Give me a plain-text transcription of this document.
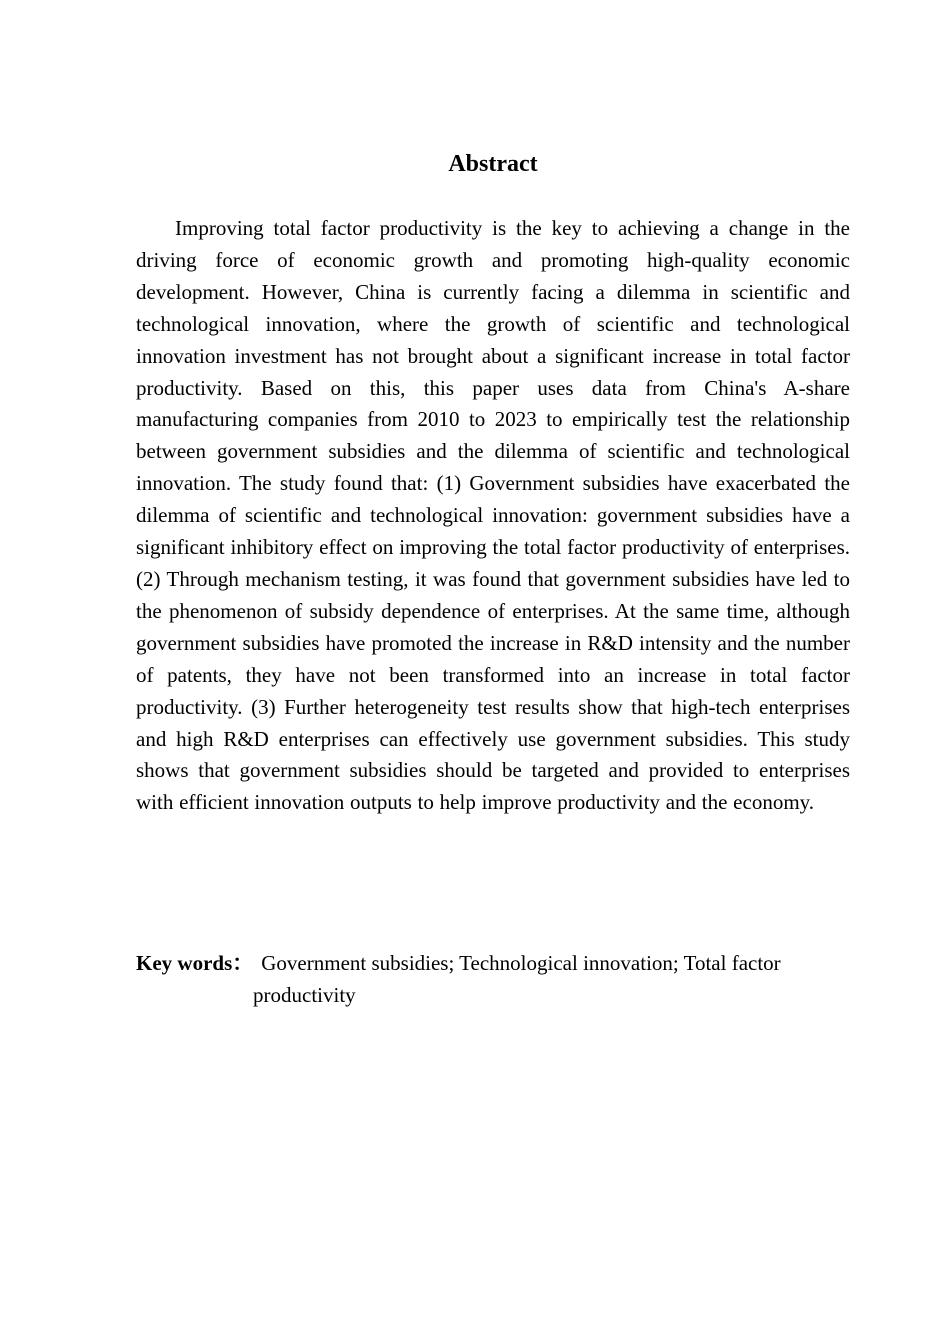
Abstract

Improving total factor productivity is the key to achieving a change in the driving force of economic growth and promoting high-quality economic development. However, China is currently facing a dilemma in scientific and technological innovation, where the growth of scientific and technological innovation investment has not brought about a significant increase in total factor productivity. Based on this, this paper uses data from China's A-share manufacturing companies from 2010 to 2023 to empirically test the relationship between government subsidies and the dilemma of scientific and technological innovation. The study found that: (1) Government subsidies have exacerbated the dilemma of scientific and technological innovation: government subsidies have a significant inhibitory effect on improving the total factor productivity of enterprises. (2) Through mechanism testing, it was found that government subsidies have led to the phenomenon of subsidy dependence of enterprises. At the same time, although government subsidies have promoted the increase in R&D intensity and the number of patents, they have not been transformed into an increase in total factor productivity. (3) Further heterogeneity test results show that high-tech enterprises and high R&D enterprises can effectively use government subsidies. This study shows that government subsidies should be targeted and provided to enterprises with efficient innovation outputs to help improve productivity and the economy.

Key words： Government subsidies; Technological innovation; Total factor productivity
